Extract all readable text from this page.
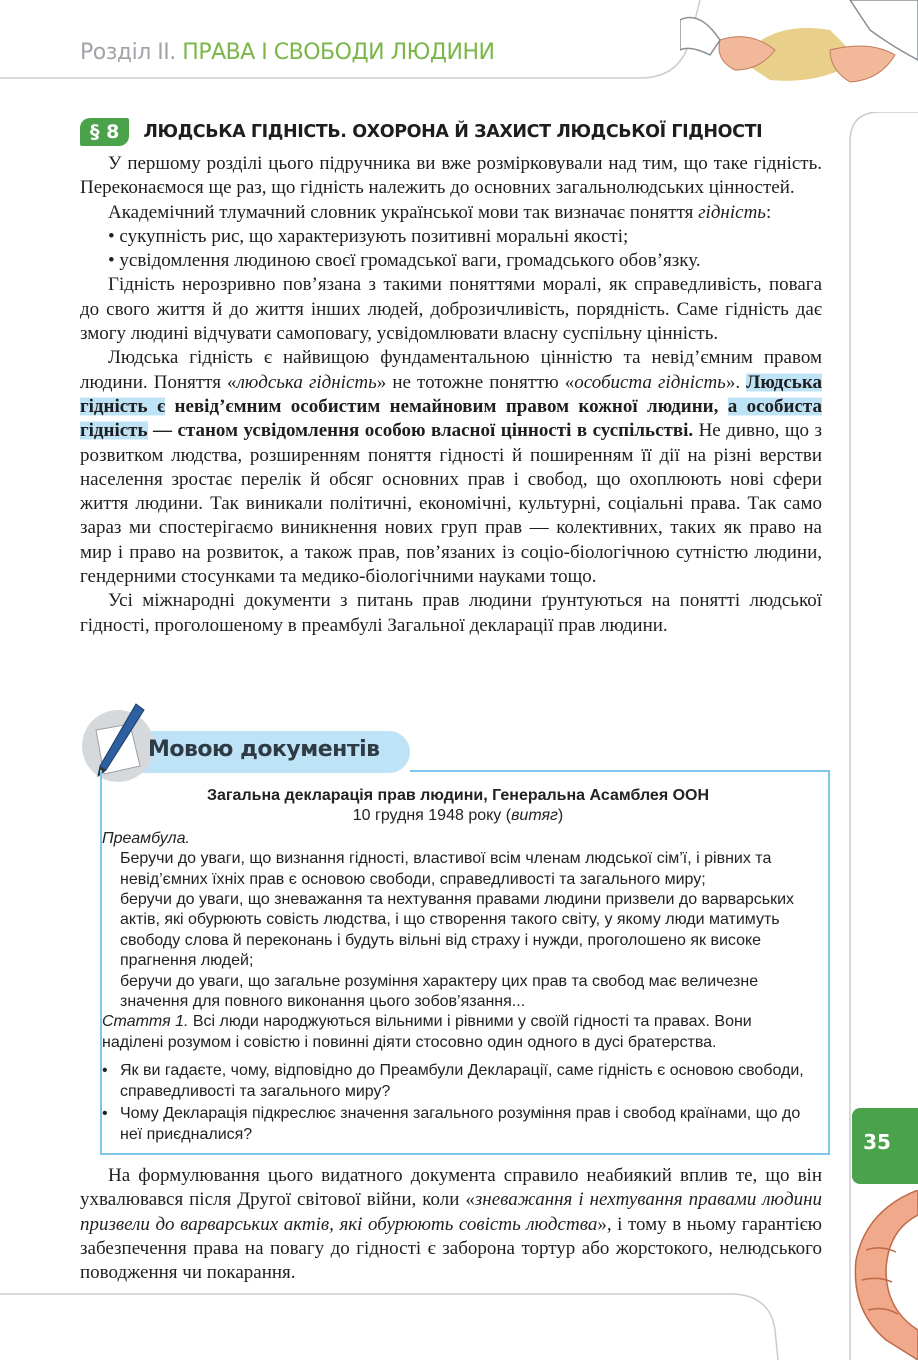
Розділ ІІ. ПРАВА І СВОБОДИ ЛЮДИНИ
§ 8	ЛЮДСЬКА ГІДНІСТЬ. ОХОРОНА Й ЗАХИСТ ЛЮДСЬКОЇ ГІДНОСТІ

У першому розділі цього підручника ви вже розмірковували над тим, що таке гідність. Переконаємося ще раз, що гідність належить до основних загальнолюдських цінностей.

Академічний тлумачний словник української мови так визначає поняття гідність:

• сукупність рис, що характеризують позитивні моральні якості;

• усвідомлення людиною своєї громадської ваги, громадського обов’язку.

Гідність нерозривно пов’язана з такими поняттями моралі, як справедливість, повага до свого життя й до життя інших людей, доброзичливість, порядність. Саме гідність дає змогу людині відчувати самоповагу, усвідомлювати власну суспільну цінність.

Людська гідність є найвищою фундаментальною цінністю та невід’ємним правом людини. Поняття «людська гідність» не тотожне поняттю «особиста гідність». Людська гідність є невід’ємним особистим немайновим правом кожної людини, а особиста гідність — станом усвідомлення особою власної цінності в суспільстві. Не дивно, що з розвитком людства, розширенням поняття гідності й поширенням її дії на різні верстви населення зростає перелік й обсяг основних прав і свобод, що охоплюють нові сфери життя людини. Так виникали політичні, економічні, культурні, соціальні права. Так само зараз ми спостерігаємо виникнення нових груп прав — колективних, таких як право на мир і право на розвиток, а також прав, пов’язаних із соціо-біологічною сутністю людини, гендерними стосунками та медико-біологічними науками тощо.

Усі міжнародні документи з питань прав людини ґрунтуються на понятті людської гідності, проголошеному в преамбулі Загальної декларації прав людини.

Мовою документів
Загальна декларація прав людини, Генеральна Асамблея ООН
10 грудня 1948 року (витяг)
Преамбула.
Беручи до уваги, що визнання гідності, властивої всім членам людської сім’ї, і рівних та невід’ємних їхніх прав є основою свободи, справедливості та загального миру;
беручи до уваги, що зневажання та нехтування правами людини призвели до варварських актів, які обурюють совість людства, і що створення такого світу, у якому люди матимуть свободу слова й переконань і будуть вільні від страху і нужди, проголошено як високе прагнення людей;
беручи до уваги, що загальне розуміння характеру цих прав та свобод має величезне значення для повного виконання цього зобов’язання...
Стаття 1. Всі люди народжуються вільними і рівними у своїй гідності та правах. Вони наділені розумом і совістю і повинні діяти стосовно один одного в дусі братерства.
• Як ви гадаєте, чому, відповідно до Преамбули Декларації, саме гідність є основою свободи, справедливості та загального миру?
• Чому Декларація підкреслює значення загального розуміння прав і свобод країнами, що до неї приєдналися?

На формулювання цього видатного документа справило неабиякий вплив те, що він ухвалювався після Другої світової війни, коли «зневажання і нехтування правами людини призвели до варварських актів, які обурюють совість людства», і тому в ньому гарантією забезпечення права на повагу до гідності є заборона тортур або жорстокого, нелюдського поводження чи покарання.

35
